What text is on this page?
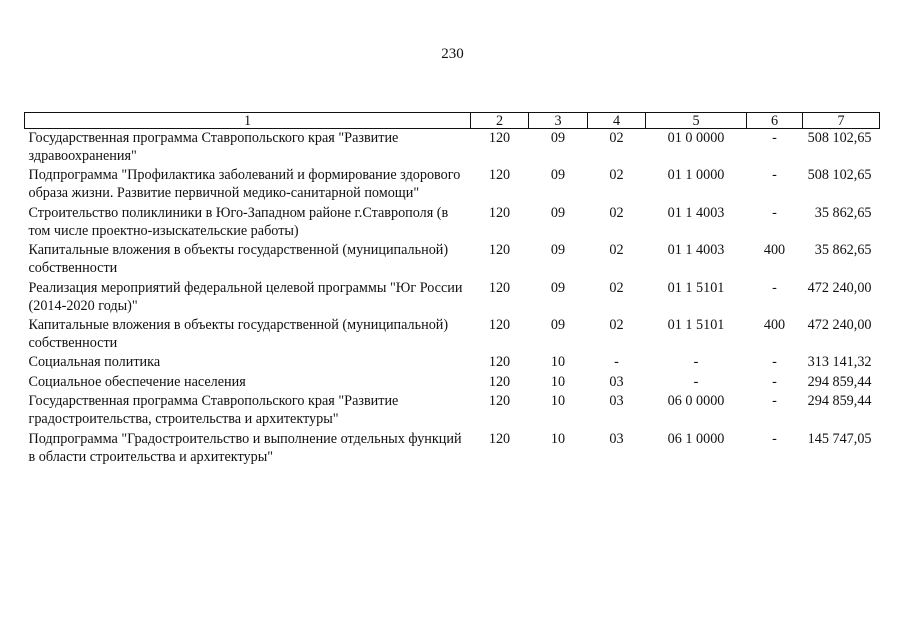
230
1	2	3	4	5	6	7
Государственная программа Ставропольского края "Развитие здравоохранения"	120	09	02	01 0 0000	-	508 102,65
Подпрограмма "Профилактика заболеваний и формирование здорового образа жизни. Развитие первичной медико-санитарной помощи"	120	09	02	01 1 0000	-	508 102,65
Строительство поликлиники в Юго-Западном районе г.Ставрополя (в том числе проектно-изыскательские работы)	120	09	02	01 1 4003	-	35 862,65
Капитальные вложения в объекты государственной (муниципальной) собственности	120	09	02	01 1 4003	400	35 862,65
Реализация мероприятий федеральной целевой программы "Юг России (2014-2020 годы)"	120	09	02	01 1 5101	-	472 240,00
Капитальные вложения в объекты государственной (муниципальной) собственности	120	09	02	01 1 5101	400	472 240,00
Социальная политика	120	10	-	-	-	313 141,32
Социальное обеспечение населения	120	10	03	-	-	294 859,44
Государственная программа Ставропольского края "Развитие градостроительства, строительства и архитектуры"	120	10	03	06 0 0000	-	294 859,44
Подпрограмма "Градостроительство и выполнение отдельных функций в области строительства и архитектуры"	120	10	03	06 1 0000	-	145 747,05
